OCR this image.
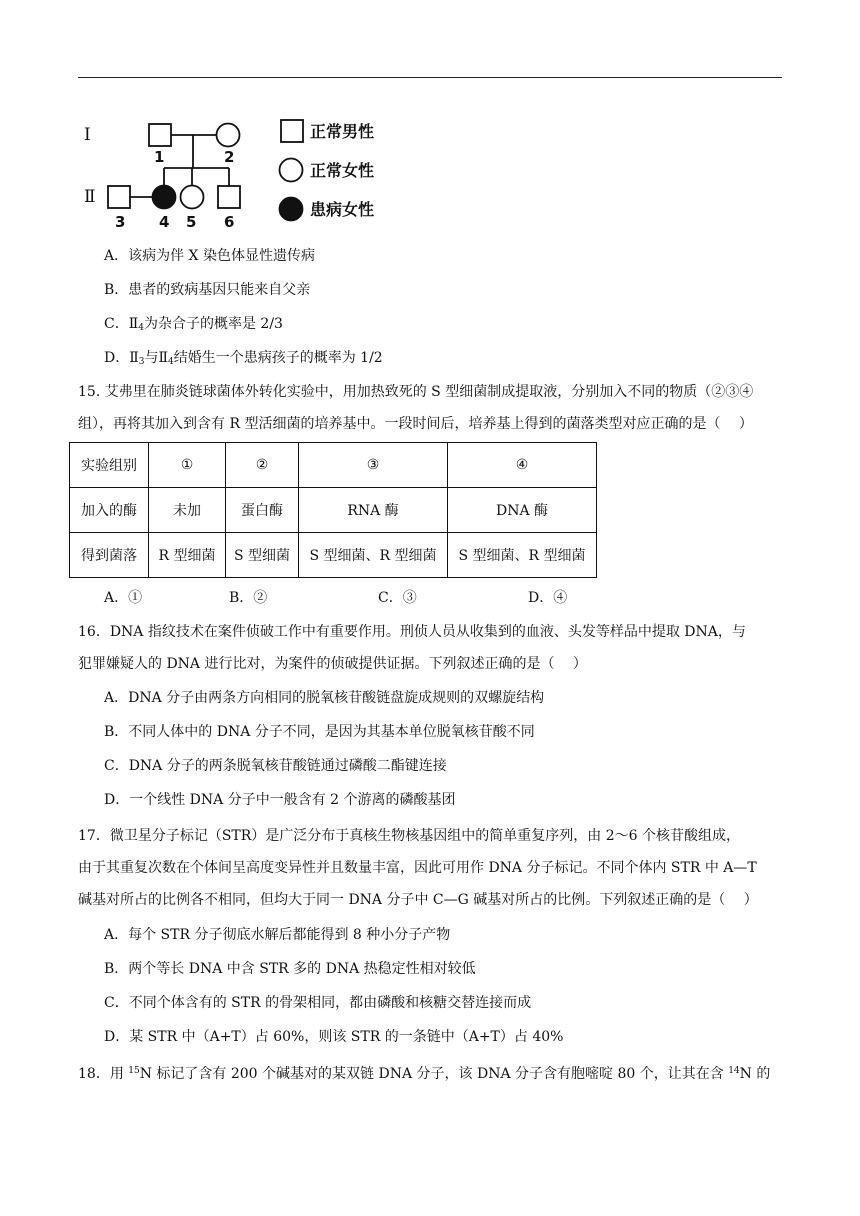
Ⅰ
Ⅱ
1	2
3 4 5 6
正常男性
正常女性
患病女性
A．该病为伴 X 染色体显性遗传病
B．患者的致病基因只能来自父亲
C．$Ⅱ_4$为杂合子的概率是 2/3
D．$Ⅱ_3$与$Ⅱ_4$结婚生一个患病孩子的概率为 1/2
15. 艾弗里在肺炎链球菌体外转化实验中，用加热致死的 S 型细菌制成提取液，分别加入不同的物质（②③④
组），再将其加入到含有 R 型活细菌的培养基中。一段时间后，培养基上得到的菌落类型对应正确的是（　 ）
实验组别	①	②	③	④
加入的酶	未加	蛋白酶	RNA 酶	DNA 酶
得到菌落	R 型细菌	S 型细菌	S 型细菌、R 型细菌	S 型细菌、R 型细菌
A．①	B．②	C．③	D．④
16．DNA 指纹技术在案件侦破工作中有重要作用。刑侦人员从收集到的血液、头发等样品中提取 DNA，与
犯罪嫌疑人的 DNA 进行比对，为案件的侦破提供证据。下列叙述正确的是（　 ）
A．DNA 分子由两条方向相同的脱氧核苷酸链盘旋成规则的双螺旋结构
B．不同人体中的 DNA 分子不同，是因为其基本单位脱氧核苷酸不同
C．DNA 分子的两条脱氧核苷酸链通过磷酸二酯键连接
D．一个线性 DNA 分子中一般含有 2 个游离的磷酸基团
17．微卫星分子标记（STR）是广泛分布于真核生物核基因组中的简单重复序列，由 2～6 个核苷酸组成，
由于其重复次数在个体间呈高度变异性并且数量丰富，因此可用作 DNA 分子标记。不同个体内 STR 中 A—T
碱基对所占的比例各不相同，但均大于同一 DNA 分子中 C—G 碱基对所占的比例。下列叙述正确的是（　 ）
A．每个 STR 分子彻底水解后都能得到 8 种小分子产物
B．两个等长 DNA 中含 STR 多的 DNA 热稳定性相对较低
C．不同个体含有的 STR 的骨架相同，都由磷酸和核糖交替连接而成
D．某 STR 中（A+T）占 60%，则该 STR 的一条链中（A+T）占 40%
18．用 $^{15}$N 标记了含有 200 个碱基对的某双链 DNA 分子，该 DNA 分子含有胞嘧啶 80 个，让其在含 $^{14}$N 的
